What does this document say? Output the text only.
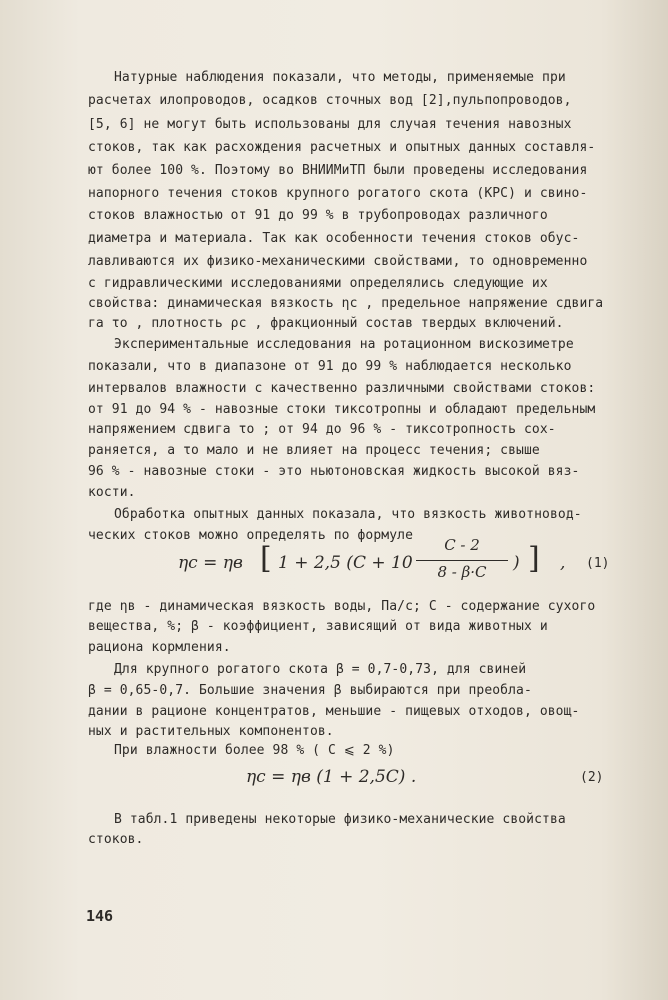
Натурные наблюдения показали, что методы, применяемые при
расчетах илопроводов, осадков сточных вод [2],пульпопроводов,
[5, 6] не могут быть использованы для случая течения навозных
стоков, так как расхождения расчетных и опытных данных составля-
ют более 100 %. Поэтому во ВНИИМиТП были проведены исследования
напорного течения стоков крупного рогатого скота (КРС) и свино-
стоков влажностью от 91 до 99 % в трубопроводах различного
диаметра и материала. Так как особенности течения стоков обус-
лавливаются их физико-механическими свойствами, то одновременно
с гидравлическими исследованиями определялись следующие их
свойства: динамическая вязкость ηc , предельное напряжение сдвига
га τo , плотность ρc , фракционный состав твердых включений.
Экспериментальные исследования на ротационном вискозиметре
показали, что в диапазоне от 91 до 99 % наблюдается несколько
интервалов влажности с качественно различными свойствами стоков:
от 91 до 94 % - навозные стоки тиксотропны и обладают предельным
напряжением сдвига τo ; от 94 до 96 % - тиксотропность сох-
раняется, а τo мало и не влияет на процесс течения; свыше
96 % - навозные стоки - это ньютоновская жидкость высокой вяз-
кости.
Обработка опытных данных показала, что вязкость животновод-
ческих стоков можно определять по формуле
ηc = ηв [ 1 + 2,5 (C + 10
C - 2
8 - β·C	) ] , (1)
где ηв - динамическая вязкость воды, Па/с; C - содержание сухого
вещества, %; β - коэффициент, зависящий от вида животных и
рациона кормления.
Для крупного рогатого скота β = 0,7-0,73, для свиней
β = 0,65-0,7. Большие значения β выбираются при преобла-
дании в рационе концентратов, меньшие - пищевых отходов, овощ-
ных и растительных компонентов.
При влажности более 98 % ( C ⩽ 2 %)
ηc = ηв (1 + 2,5C) .	(2)
В табл.1 приведены некоторые физико-механические свойства
стоков.
146
